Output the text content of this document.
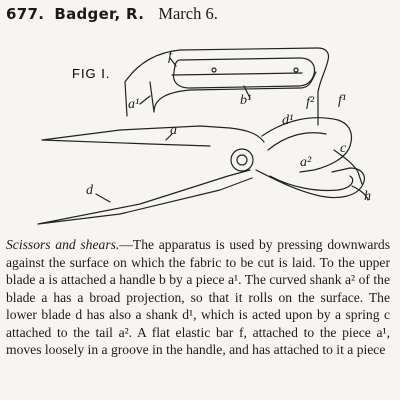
677. Badger, R. March 6.
FIG I.
f
a¹	b¹
d¹
f² f¹
a
a²
c
d	h

Scissors and shears.—The apparatus is used by pressing downwards against the surface on which the fabric to be cut is laid. To the upper blade a is attached a handle b by a piece a¹. The curved shank a² of the blade a has a broad projection, so that it rolls on the surface. The lower blade d has also a shank d¹, which is acted upon by a spring c attached to the tail a². A flat elastic bar f, attached to the piece a¹, moves loosely in a groove in the handle, and has attached to it a piece
